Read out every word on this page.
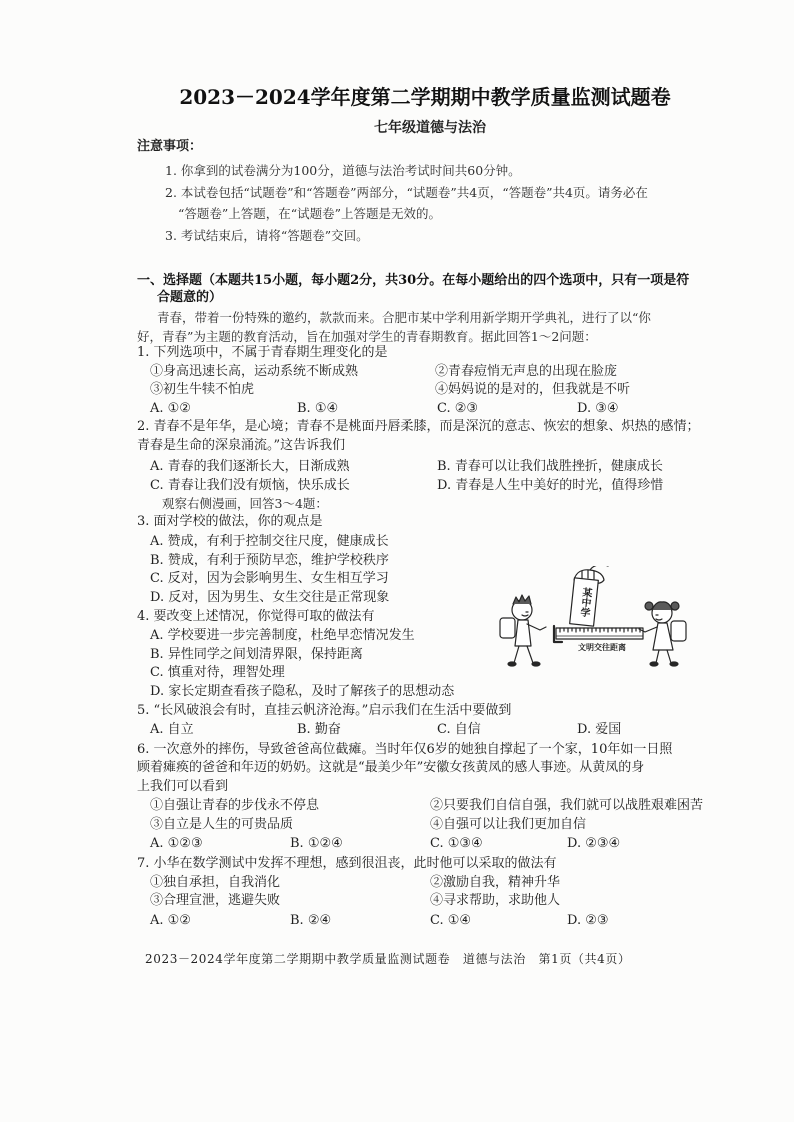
2023－2024学年度第二学期期中教学质量监测试题卷
七年级道德与法治
注意事项：
1. 你拿到的试卷满分为100分，道德与法治考试时间共60分钟。
2. 本试卷包括“试题卷”和“答题卷”两部分，“试题卷”共4页，“答题卷”共4页。请务必在
“答题卷”上答题，在“试题卷”上答题是无效的。
3. 考试结束后，请将“答题卷”交回。
一、选择题（本题共15小题，每小题2分，共30分。在每小题给出的四个选项中，只有一项是符
合题意的）
青春，带着一份特殊的邀约，款款而来。合肥市某中学利用新学期开学典礼，进行了以“你
好，青春”为主题的教育活动，旨在加强对学生的青春期教育。据此回答1～2问题：
1. 下列选项中，不属于青春期生理变化的是
①身高迅速长高，运动系统不断成熟	②青春痘悄无声息的出现在脸庞
③初生牛犊不怕虎	④妈妈说的是对的，但我就是不听
A. ①②	B. ①④	C. ②③	D. ③④
2. 青春不是年华，是心境；青春不是桃面丹唇柔膝，而是深沉的意志、恢宏的想象、炽热的感情；
青春是生命的深泉涌流。”这告诉我们
A. 青春的我们逐渐长大，日渐成熟	B. 青春可以让我们战胜挫折，健康成长
C. 青春让我们没有烦恼，快乐成长	D. 青春是人生中美好的时光，值得珍惜
观察右侧漫画，回答3～4题：
3. 面对学校的做法，你的观点是
A. 赞成，有利于控制交往尺度，健康成长
B. 赞成，有利于预防早恋，维护学校秩序
C. 反对，因为会影响男生、女生相互学习
D. 反对，因为男生、女生交往是正常现象
4. 要改变上述情况，你觉得可取的做法有
A. 学校要进一步完善制度，杜绝早恋情况发生
B. 异性同学之间划清界限，保持距离
C. 慎重对待，理智处理
D. 家长定期查看孩子隐私，及时了解孩子的思想动态
文明交往距离
某中学
5. “长风破浪会有时，直挂云帆济沧海。”启示我们在生活中要做到
A. 自立	B. 勤奋	C. 自信	D. 爱国
6. 一次意外的摔伤，导致爸爸高位截瘫。当时年仅6岁的她独自撑起了一个家，10年如一日照
顾着瘫痪的爸爸和年迈的奶奶。这就是“最美少年”安徽女孩黄凤的感人事迹。从黄凤的身
上我们可以看到
①自强让青春的步伐永不停息	②只要我们自信自强，我们就可以战胜艰难困苦
③自立是人生的可贵品质	④自强可以让我们更加自信
A. ①②③	B. ①②④	C. ①③④	D. ②③④
7. 小华在数学测试中发挥不理想，感到很沮丧，此时他可以采取的做法有
①独自承担，自我消化	②激励自我，精神升华
③合理宣泄，逃避失败	④寻求帮助，求助他人
A. ①②	B. ②④	C. ①④	D. ②③
2023－2024学年度第二学期期中教学质量监测试题卷　道德与法治　第1页（共4页）
